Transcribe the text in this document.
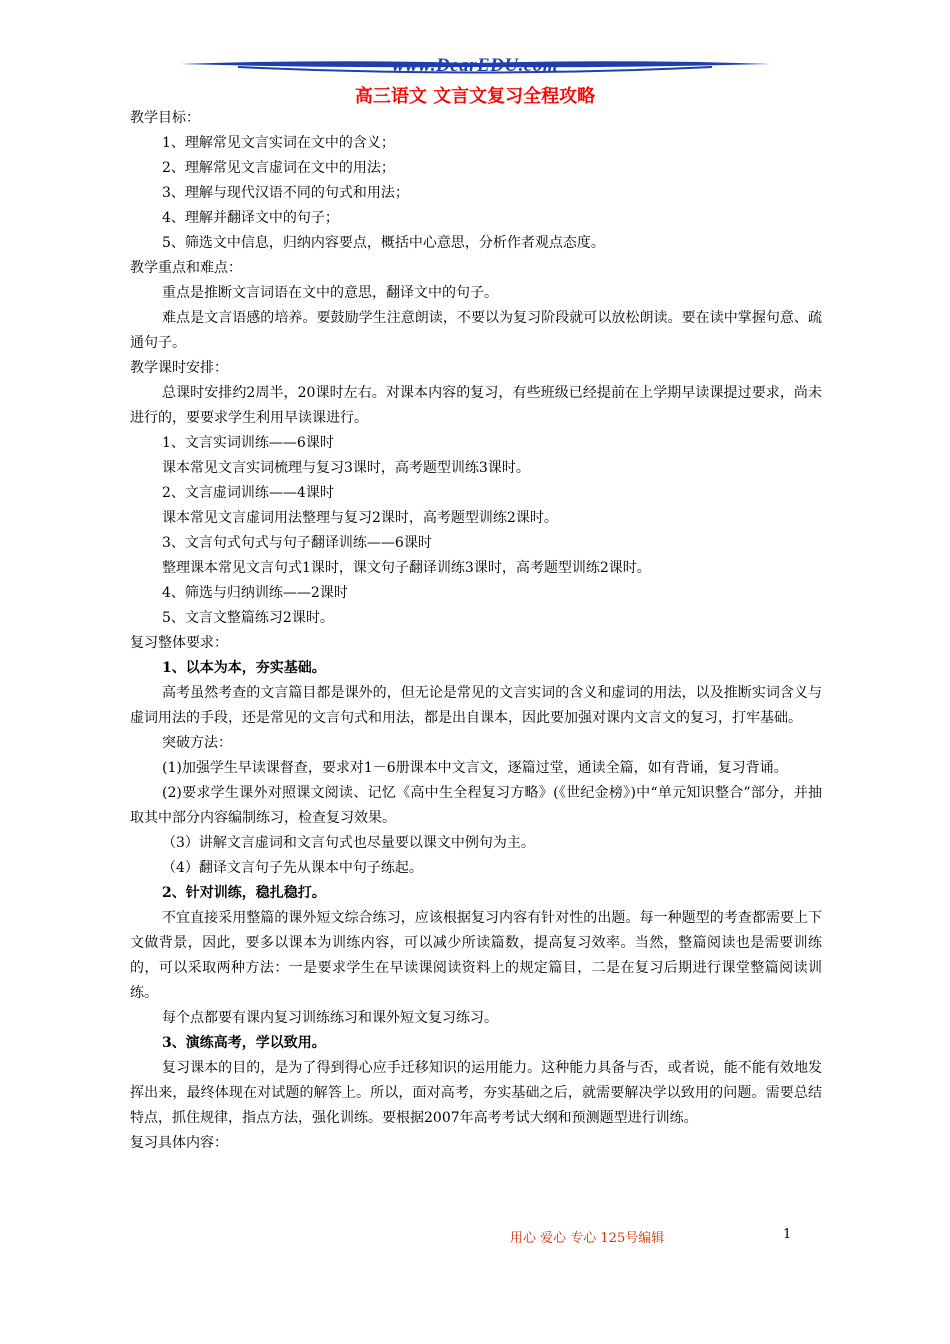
www.DearEDU.com
高三语文 文言文复习全程攻略

教学目标：

1、理解常见文言实词在文中的含义；

2、理解常见文言虚词在文中的用法；

3、理解与现代汉语不同的句式和用法；

4、理解并翻译文中的句子；

5、筛选文中信息，归纳内容要点，概括中心意思，分析作者观点态度。

教学重点和难点：

重点是推断文言词语在文中的意思，翻译文中的句子。

难点是文言语感的培养。要鼓励学生注意朗读，不要以为复习阶段就可以放松朗读。要在读中掌握句意、疏通句子。

教学课时安排：

总课时安排约2周半，20课时左右。对课本内容的复习，有些班级已经提前在上学期早读课提过要求，尚未进行的，要要求学生利用早读课进行。

1、文言实词训练——6课时

课本常见文言实词梳理与复习3课时，高考题型训练3课时。

2、文言虚词训练——4课时

课本常见文言虚词用法整理与复习2课时，高考题型训练2课时。

3、文言句式句式与句子翻译训练——6课时

整理课本常见文言句式1课时，课文句子翻译训练3课时，高考题型训练2课时。

4、筛选与归纳训练——2课时

5、文言文整篇练习2课时。

复习整体要求：

1、以本为本，夯实基础。

高考虽然考查的文言篇目都是课外的，但无论是常见的文言实词的含义和虚词的用法，以及推断实词含义与虚词用法的手段，还是常见的文言句式和用法，都是出自课本，因此要加强对课内文言文的复习，打牢基础。

突破方法：

(1)加强学生早读课督查，要求对1－6册课本中文言文，逐篇过堂，通读全篇，如有背诵，复习背诵。

(2)要求学生课外对照课文阅读、记忆《高中生全程复习方略》(《世纪金榜》)中“单元知识整合”部分，并抽取其中部分内容编制练习，检查复习效果。

（3）讲解文言虚词和文言句式也尽量要以课文中例句为主。

（4）翻译文言句子先从课本中句子练起。

2、针对训练，稳扎稳打。

不宜直接采用整篇的课外短文综合练习，应该根据复习内容有针对性的出题。每一种题型的考查都需要上下文做背景，因此，要多以课本为训练内容，可以减少所读篇数，提高复习效率。当然，整篇阅读也是需要训练的，可以采取两种方法：一是要求学生在早读课阅读资料上的规定篇目，二是在复习后期进行课堂整篇阅读训练。

每个点都要有课内复习训练练习和课外短文复习练习。

3、演练高考，学以致用。

复习课本的目的，是为了得到得心应手迁移知识的运用能力。这种能力具备与否，或者说，能不能有效地发挥出来，最终体现在对试题的解答上。所以，面对高考，夯实基础之后，就需要解决学以致用的问题。需要总结特点，抓住规律，指点方法，强化训练。要根据2007年高考考试大纲和预测题型进行训练。

复习具体内容：

用心 爱心 专心 125号编辑	1
